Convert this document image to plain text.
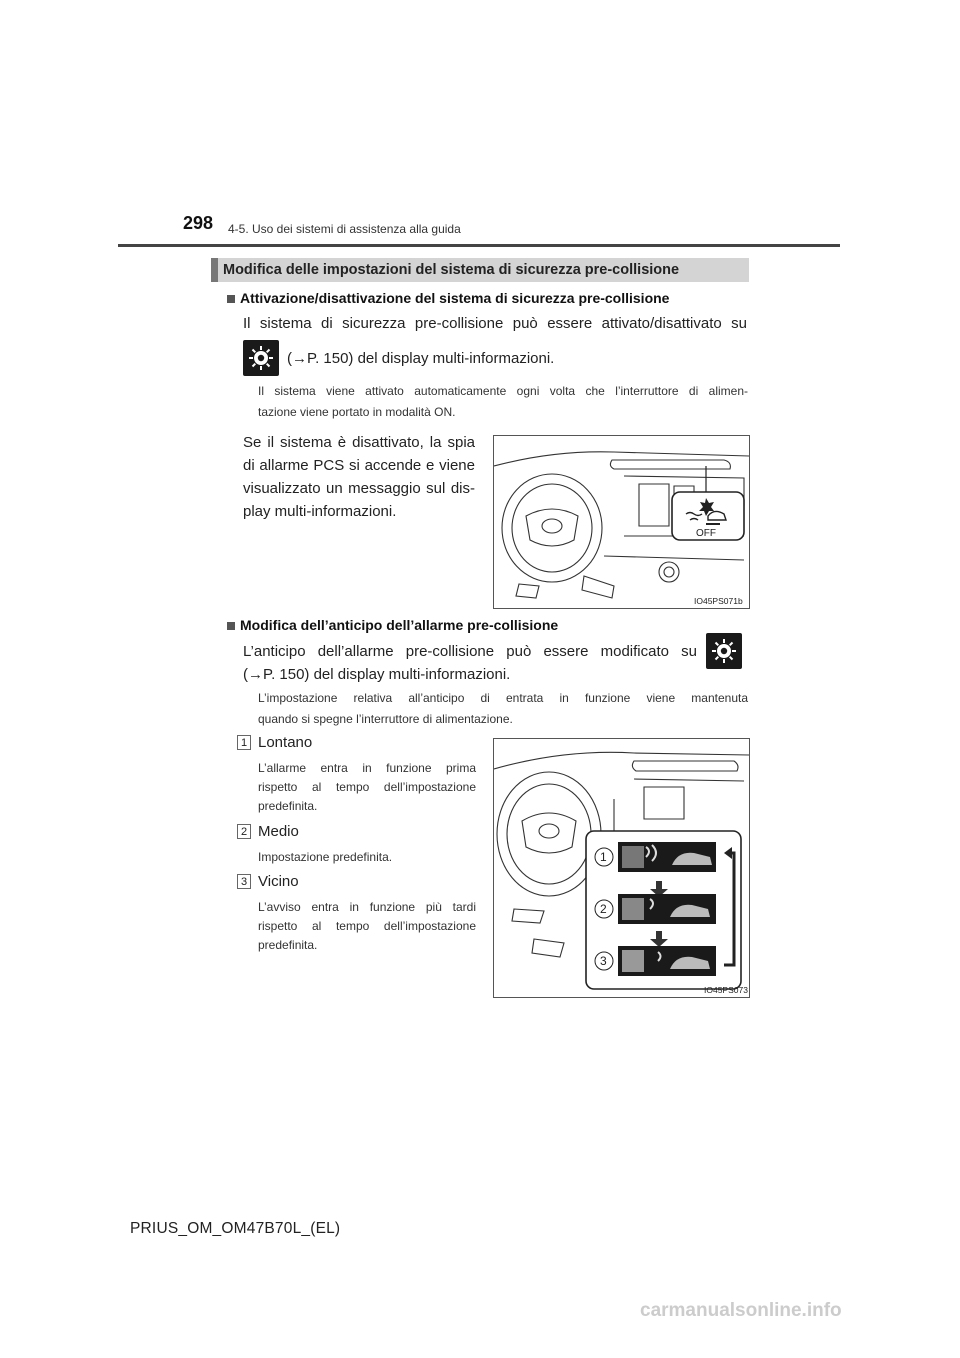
298 4-5. Uso dei sistemi di assistenza alla guida
Modifica delle impostazioni del sistema di sicurezza pre-collisione
Attivazione/disattivazione del sistema di sicurezza pre-collisione
Il sistema di sicurezza pre-collisione può essere attivato/disattivato su
(→P. 150) del display multi-informazioni.
Il sistema viene attivato automaticamente ogni volta che l’interruttore di alimen-
tazione viene portato in modalità ON.
Se il sistema è disattivato, la spia
di allarme PCS si accende e viene
visualizzato un messaggio sul dis-
play multi-informazioni.
OFF
IO45PS071b
Modifica dell’anticipo dell’allarme pre-collisione
L’anticipo dell’allarme pre-collisione può essere modificato su
(→P. 150) del display multi-informazioni.
L’impostazione relativa all’anticipo di entrata in funzione viene mantenuta
quando si spegne l’interruttore di alimentazione.
1 Lontano
L’allarme entra in funzione prima
rispetto al tempo dell’impostazione
predefinita.
2 Medio
Impostazione predefinita.
3 Vicino
L’avviso entra in funzione più tardi
rispetto al tempo dell’impostazione
predefinita.
1
2
3
IO45PS073
PRIUS_OM_OM47B70L_(EL)
carmanualsonline.info
